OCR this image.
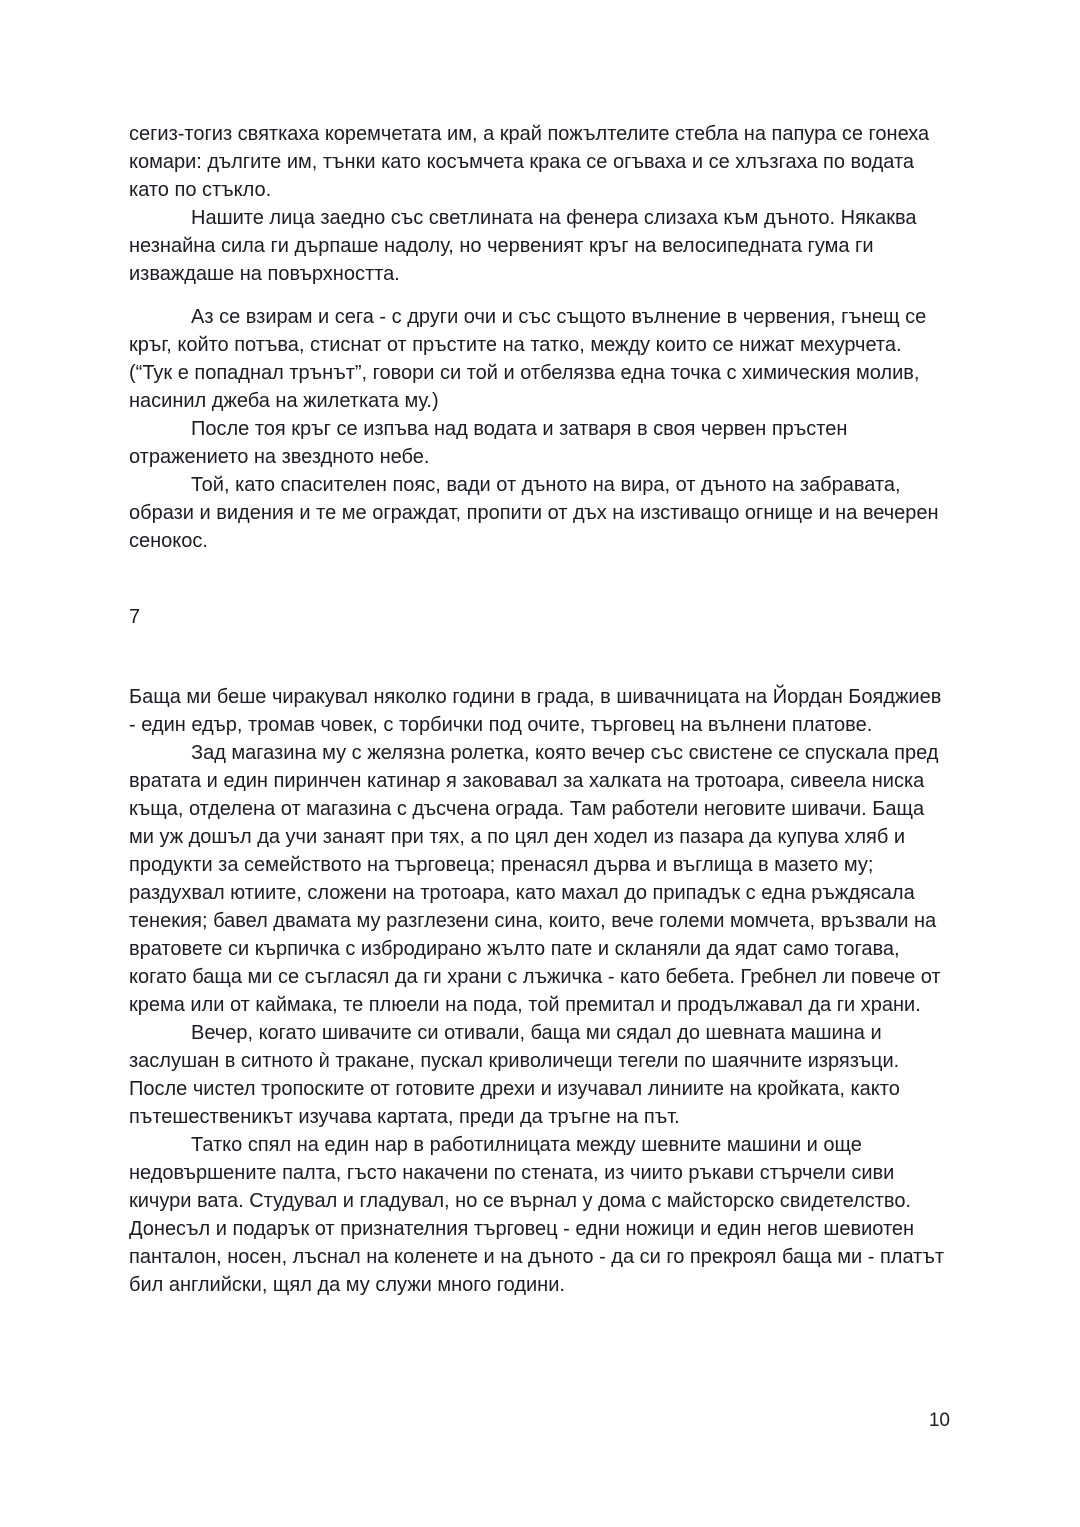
сегиз-тогиз святкаха коремчетата им, а край пожълтелите стебла на папура се гонеха комари: дългите им, тънки като косъмчета крака се огъваха и се хлъзгаха по водата като по стъкло.

Нашите лица заедно със светлината на фенера слизаха към дъното. Някаква незнайна сила ги дърпаше надолу, но червеният кръг на велосипедната гума ги изваждаше на повърхността.

Аз се взирам и сега - с други очи и със същото вълнение в червения, гънещ се кръг, който потъва, стиснат от пръстите на татко, между които се нижат мехурчета. (“Тук е попаднал трънът”, говори си той и отбелязва една точка с химическия молив, насинил джеба на жилетката му.)

После тоя кръг се изпъва над водата и затваря в своя червен пръстен отражението на звездното небе.

Той, като спасителен пояс, вади от дъното на вира, от дъното на забравата, образи и видения и те ме ограждат, пропити от дъх на изстиващо огнище и на вечерен сенокос.

7

Баща ми беше чиракувал няколко години в града, в шивачницата на Йордан Бояджиев - един едър, тромав човек, с торбички под очите, търговец на вълнени платове.

Зад магазина му с желязна ролетка, която вечер със свистене се спускала пред вратата и един пиринчен катинар я заковавал за халката на тротоара, сивеела ниска къща, отделена от магазина с дъсчена ограда. Там работели неговите шивачи. Баща ми уж дошъл да учи занаят при тях, а по цял ден ходел из пазара да купува хляб и продукти за семейството на търговеца; пренасял дърва и въглища в мазето му; раздухвал ютиите, сложени на тротоара, като махал до припадък с една ръждясала тенекия; бавел двамата му разглезени сина, които, вече големи момчета, връзвали на вратовете си кърпичка с избродирано жълто пате и скланяли да ядат само тогава, когато баща ми се съгласял да ги храни с лъжичка - като бебета. Гребнел ли повече от крема или от каймака, те плюели на пода, той премитал и продължавал да ги храни.

Вечер, когато шивачите си отивали, баща ми сядал до шевната машина и заслушан в ситното ѝ тракане, пускал криволичещи тегели по шаячните изрязъци. После чистел тропоските от готовите дрехи и изучавал линиите на кройката, както пътешественикът изучава картата, преди да тръгне на път.

Татко спял на един нар в работилницата между шевните машини и още недовършените палта, гъсто накачени по стената, из чиито ръкави стърчели сиви кичури вата. Студувал и гладувал, но се върнал у дома с майсторско свидетелство. Донесъл и подарък от признателния търговец - едни ножици и един негов шевиотен панталон, носен, лъснал на коленете и на дъното - да си го прекроял баща ми - платът бил английски, щял да му служи много години.

10
